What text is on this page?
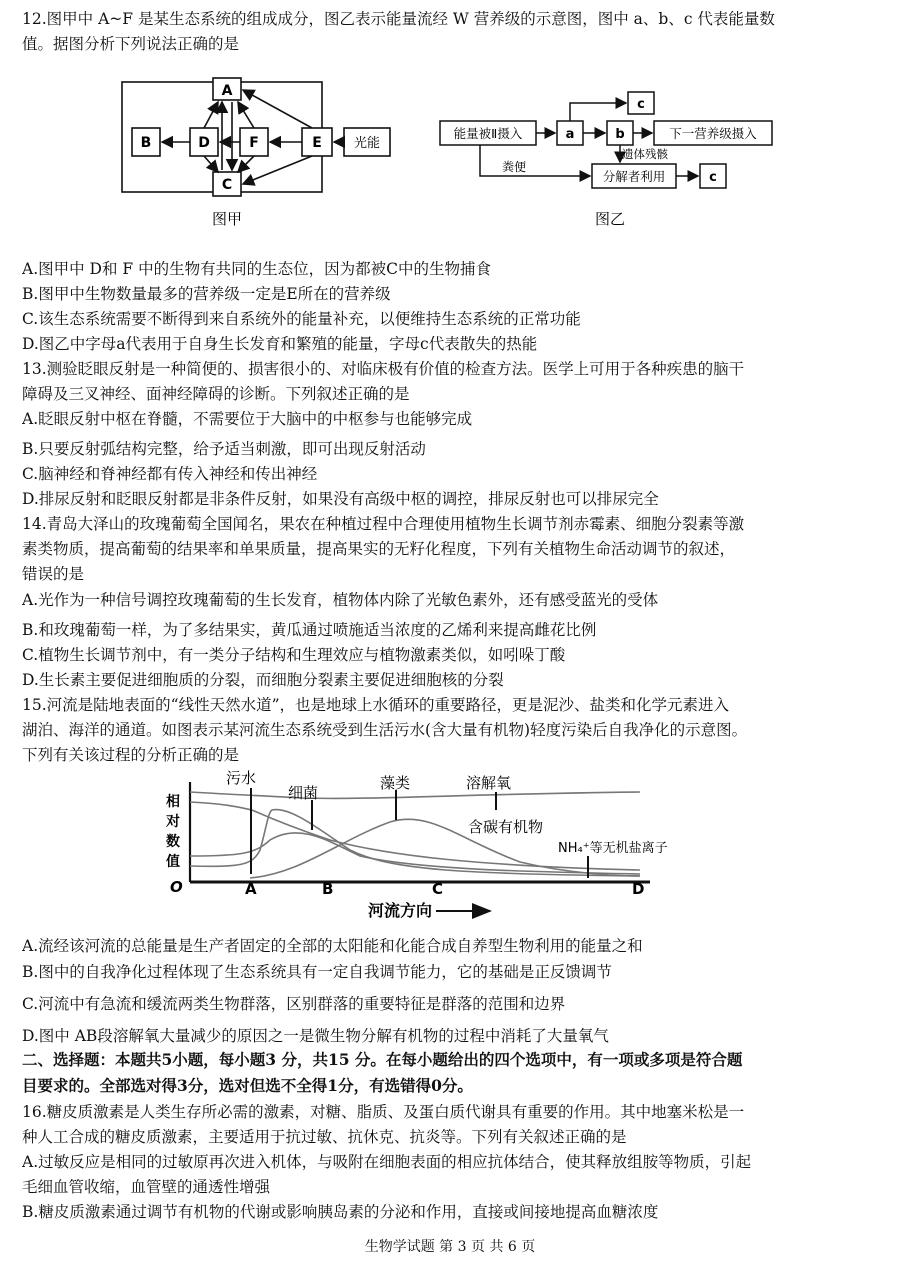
12.图甲中 A~F 是某生态系统的组成成分，图乙表示能量流经 W 营养级的示意图，图中 a、b、c 代表能量数
值。据图分析下列说法正确的是
A
B	D	F	E
C
光能
图甲
能量被Ⅱ摄入	a	b
c
下一营养级摄入
遗体残骸
粪便
分解者利用	c
图乙
A.图甲中 D和 F 中的生物有共同的生态位，因为都被C中的生物捕食
B.图甲中生物数量最多的营养级一定是E所在的营养级
C.该生态系统需要不断得到来自系统外的能量补充，以便维持生态系统的正常功能
D.图乙中字母a代表用于自身生长发育和繁殖的能量，字母c代表散失的热能
13.测验眨眼反射是一种简便的、损害很小的、对临床极有价值的检查方法。医学上可用于各种疾患的脑干
障碍及三叉神经、面神经障碍的诊断。下列叙述正确的是
A.眨眼反射中枢在脊髓，不需要位于大脑中的中枢参与也能够完成
B.只要反射弧结构完整，给予适当刺激，即可出现反射活动
C.脑神经和脊神经都有传入神经和传出神经
D.排尿反射和眨眼反射都是非条件反射，如果没有高级中枢的调控，排尿反射也可以排尿完全
14.青岛大泽山的玫瑰葡萄全国闻名，果农在种植过程中合理使用植物生长调节剂赤霉素、细胞分裂素等激
素类物质，提高葡萄的结果率和单果质量，提高果实的无籽化程度，下列有关植物生命活动调节的叙述，
错误的是
A.光作为一种信号调控玫瑰葡萄的生长发育，植物体内除了光敏色素外，还有感受蓝光的受体
B.和玫瑰葡萄一样，为了多结果实，黄瓜通过喷施适当浓度的乙烯利来提高雌花比例
C.植物生长调节剂中，有一类分子结构和生理效应与植物激素类似，如吲哚丁酸
D.生长素主要促进细胞质的分裂，而细胞分裂素主要促进细胞核的分裂
15.河流是陆地表面的“线性天然水道”，也是地球上水循环的重要路径，更是泥沙、盐类和化学元素进入
湖泊、海洋的通道。如图表示某河流生态系统受到生活污水(含大量有机物)轻度污染后自我净化的示意图。
下列有关该过程的分析正确的是
相
对
数
值
污水
细菌
藻类	溶解氧
含碳有机物
NH₄⁺等无机盐离子
O	A	B	C	D
河流方向
A.流经该河流的总能量是生产者固定的全部的太阳能和化能合成自养型生物利用的能量之和
B.图中的自我净化过程体现了生态系统具有一定自我调节能力，它的基础是正反馈调节
C.河流中有急流和缓流两类生物群落，区别群落的重要特征是群落的范围和边界
D.图中 AB段溶解氧大量减少的原因之一是微生物分解有机物的过程中消耗了大量氧气
二、选择题：本题共5小题，每小题3 分，共15 分。在每小题给出的四个选项中，有一项或多项是符合题
目要求的。全部选对得3分，选对但选不全得1分，有选错得0分。
16.糖皮质激素是人类生存所必需的激素，对糖、脂质、及蛋白质代谢具有重要的作用。其中地塞米松是一
种人工合成的糖皮质激素，主要适用于抗过敏、抗休克、抗炎等。下列有关叙述正确的是
A.过敏反应是相同的过敏原再次进入机体，与吸附在细胞表面的相应抗体结合，使其释放组胺等物质，引起
毛细血管收缩，血管壁的通透性增强
B.糖皮质激素通过调节有机物的代谢或影响胰岛素的分泌和作用，直接或间接地提高血糖浓度
生物学试题 第 3 页 共 6 页
